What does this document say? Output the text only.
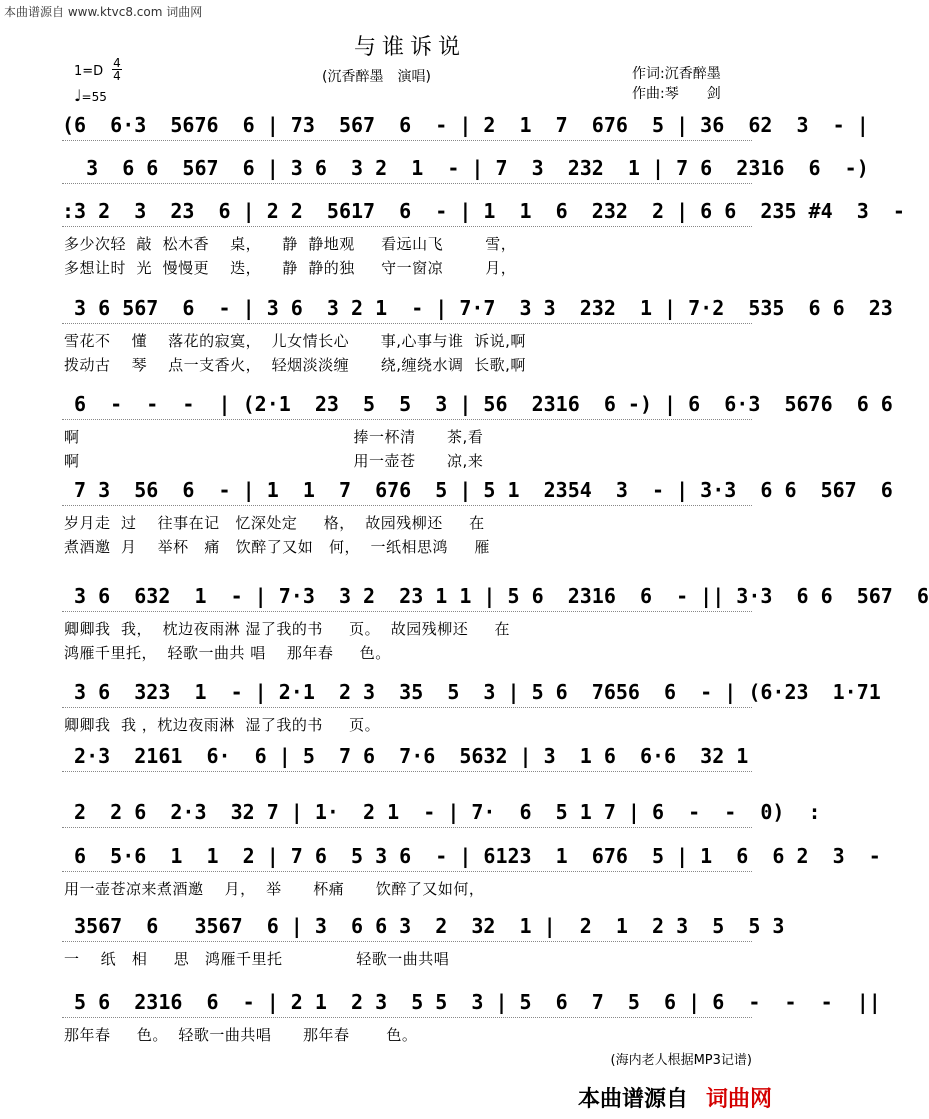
本曲谱源自 www.ktvc8.com 词曲网
与谁诉说
(沉香醉墨　演唱)	作词:沉香醉墨
作曲:琴　　剑
1=D
4
4
♩=55
(6  6·3  5676  6 | 73  567  6  - | 2  1  7  676  5 | 36  62  3  - |
3  6 6  567  6 | 3 6  3 2  1  - | 7  3  232  1 | 7 6  2316  6  -)
:3 2  3  23  6 | 2 2  5617  6  - | 1  1  6  232  2 | 6 6  235 #4  3  -
多少次轻  敲  松木香    桌，    静  静地观     看远山飞        雪，
多想让时  光  慢慢更    迭，    静  静的独     守一窗凉        月，
3 6 567  6  - | 3 6  3 2 1  - | 7·7  3 3  232  1 | 7·2  535  6 6  23
雪花不    懂    落花的寂寞，  儿女情长心      事,心事与谁  诉说,啊
拨动古    琴    点一支香火，  轻烟淡淡缠      绕,缠绕水调  长歌,啊
6  -  -  -  | (2·1  23  5  5  3 | 56  2316  6 -) | 6  6·3  5676  6 6
啊                                                    捧一杯清      茶,看
啊                                                    用一壶苍      凉,来
7 3  56  6  - | 1  1  7  676  5 | 5 1  2354  3  - | 3·3  6 6  567  6
岁月走  过    往事在记   忆深处定     格，  故园残柳还     在
煮酒邀  月    举杯   痛   饮醉了又如   何，  一纸相思鸿     雁
3 6  632  1  - | 7·3  3 2  23 1 1 | 5 6  2316  6  - || 3·3  6 6  567  6
卿卿我  我，  枕边夜雨淋 湿了我的书     页。  故园残柳还     在
鸿雁千里托，  轻歌一曲共 唱    那年春     色。
3 6  323  1  - | 2·1  2 3  35  5  3 | 5 6  7656  6  - | (6·23  1·71
卿卿我  我 ，枕边夜雨淋  湿了我的书     页。
2·3  2161  6·  6 | 5  7 6  7·6  5632 | 3  1 6  6·6  32 1
2  2 6  2·3  32 7 | 1·  2 1  - | 7·  6  5 1 7 | 6  -  -  0)  :
6  5·6  1  1  2 | 7 6  5 3 6  - | 6123  1  676  5 | 1  6  6 2  3  -
用一壶苍凉来煮酒邀    月，  举      杯痛      饮醉了又如何，
3567  6   3567  6 | 3  6 6 3  2  32  1 |  2  1  2 3  5  5 3
一    纸   相     思   鸿雁千里托              轻歌一曲共唱
5 6  2316  6  - | 2 1  2 3  5 5  3 | 5  6  7  5  6 | 6  -  -  -  ||
那年春     色。  轻歌一曲共唱      那年春       色。
(海内老人根据MP3记谱)
本曲谱源自 词曲网
